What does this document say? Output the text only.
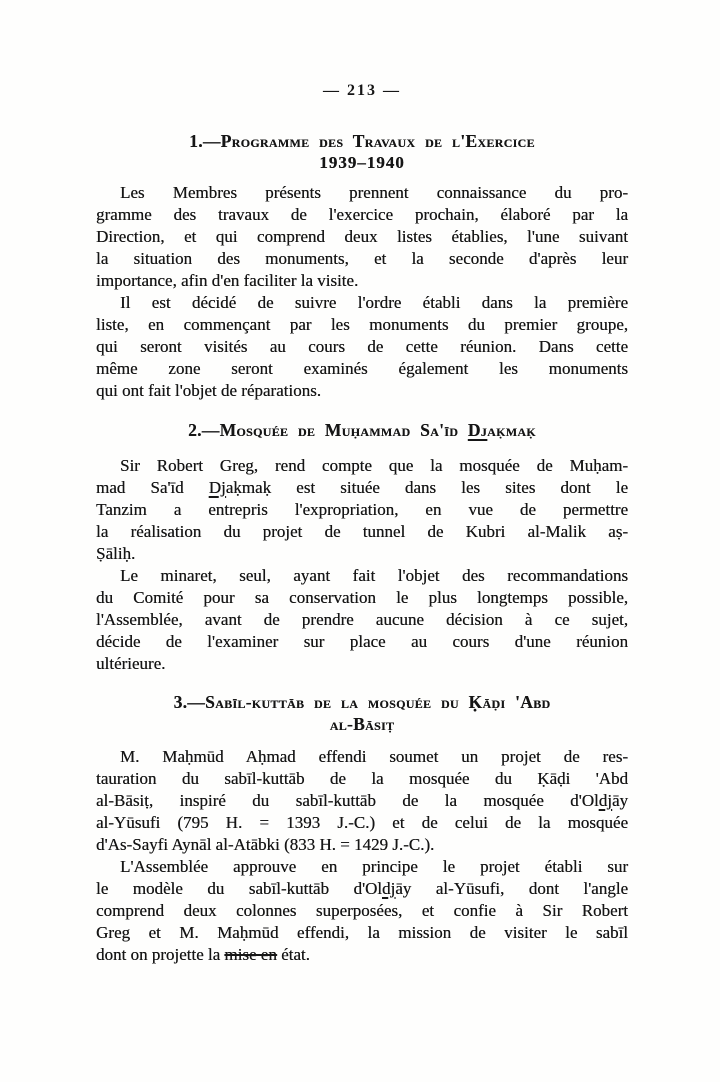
— 213 —
1.—Programme des Travaux de l'Exercice
1939–1940
Les Membres présents prennent connaissance du pro-
gramme des travaux de l'exercice prochain, élaboré par la
Direction, et qui comprend deux listes établies, l'une suivant
la situation des monuments, et la seconde d'après leur
importance, afin d'en faciliter la visite.
Il est décidé de suivre l'ordre établi dans la première
liste, en commençant par les monuments du premier groupe,
qui seront visités au cours de cette réunion. Dans cette
même zone seront examinés également les monuments
qui ont fait l'objet de réparations.
2.—Mosquée de Muḥammad Sa'īd Djaḳmaḳ
Sir Robert Greg, rend compte que la mosquée de Muḥam-
mad Sa'īd Djaḳmaḳ est située dans les sites dont le
Tanzim a entrepris l'expropriation, en vue de permettre
la réalisation du projet de tunnel de Kubri al-Malik aṣ-
Ṣāliḥ.
Le minaret, seul, ayant fait l'objet des recommandations
du Comité pour sa conservation le plus longtemps possible,
l'Assemblée, avant de prendre aucune décision à ce sujet,
décide de l'examiner sur place au cours d'une réunion
ultérieure.
3.—Sabīl-kuttāb de la mosquée du Ḳāḍi 'Abd
al-Bāsiṭ
M. Maḥmūd Aḥmad effendi soumet un projet de res-
tauration du sabīl-kuttāb de la mosquée du Ḳāḍi 'Abd
al-Bāsiṭ, inspiré du sabīl-kuttāb de la mosquée d'Oldjāy
al-Yūsufi (795 H. = 1393 J.-C.) et de celui de la mosquée
d'As-Sayfi Aynāl al-Atābki (833 H. = 1429 J.-C.).
L'Assemblée approuve en principe le projet établi sur
le modèle du sabīl-kuttāb d'Oldjāy al-Yūsufi, dont l'angle
comprend deux colonnes superposées, et confie à Sir Robert
Greg et M. Maḥmūd effendi, la mission de visiter le sabīl
dont on projette la mise en état.
